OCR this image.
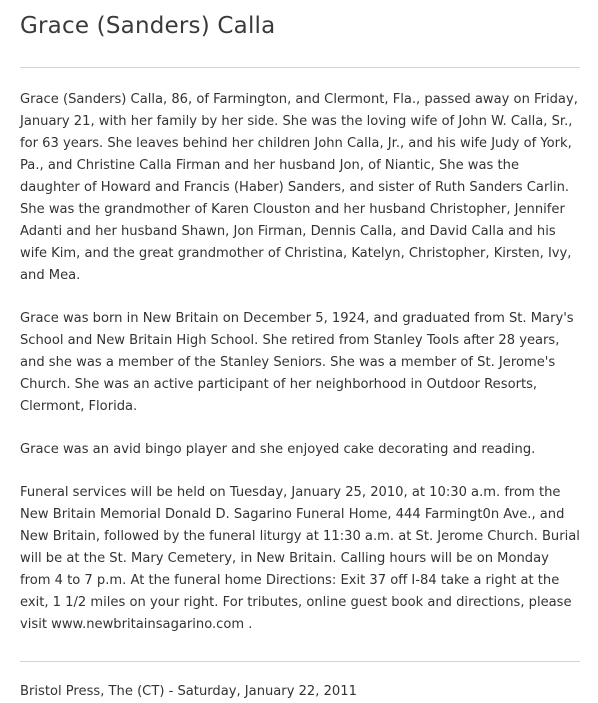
Grace (Sanders) Calla

Grace (Sanders) Calla, 86, of Farmington, and Clermont, Fla., passed away on Friday, January 21, with her family by her side. She was the loving wife of John W. Calla, Sr., for 63 years. She leaves behind her children John Calla, Jr., and his wife Judy of York, Pa., and Christine Calla Firman and her husband Jon, of Niantic, She was the daughter of Howard and Francis (Haber) Sanders, and sister of Ruth Sanders Carlin. She was the grandmother of Karen Clouston and her husband Christopher, Jennifer Adanti and her husband Shawn, Jon Firman, Dennis Calla, and David Calla and his wife Kim, and the great grandmother of Christina, Katelyn, Christopher, Kirsten, Ivy, and Mea.

Grace was born in New Britain on December 5, 1924, and graduated from St. Mary's School and New Britain High School. She retired from Stanley Tools after 28 years, and she was a member of the Stanley Seniors. She was a member of St. Jerome's Church. She was an active participant of her neighborhood in Outdoor Resorts, Clermont, Florida.

Grace was an avid bingo player and she enjoyed cake decorating and reading.

Funeral services will be held on Tuesday, January 25, 2010, at 10:30 a.m. from the New Britain Memorial Donald D. Sagarino Funeral Home, 444 Farmingt0n Ave., and New Britain, followed by the funeral liturgy at 11:30 a.m. at St. Jerome Church. Burial will be at the St. Mary Cemetery, in New Britain. Calling hours will be on Monday from 4 to 7 p.m. At the funeral home Directions: Exit 37 off I-84 take a right at the exit, 1 1/2 miles on your right. For tributes, online guest book and directions, please visit www.newbritainsagarino.com .

Bristol Press, The (CT) - Saturday, January 22, 2011
